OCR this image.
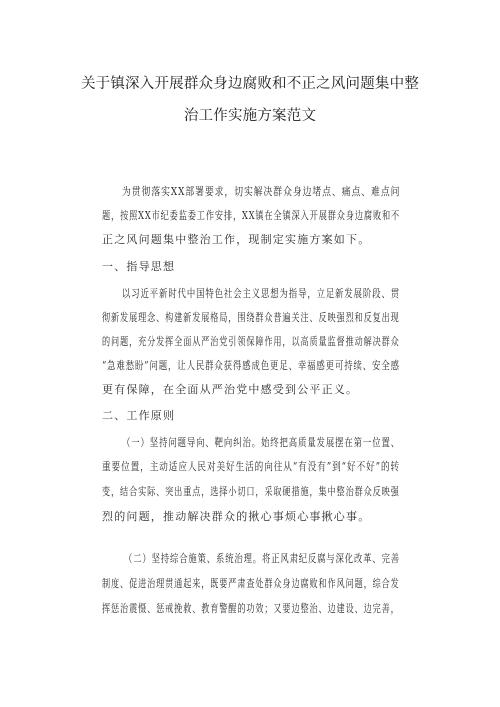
关于镇深入开展群众身边腐败和不正之风问题集中整
治工作实施方案范文
为贯彻落实XX部署要求，切实解决群众身边堵点、痛点、难点问
题，按照XX市纪委监委工作安排，XX镇在全镇深入开展群众身边腐败和不
正之风问题集中整治工作，现制定实施方案如下。
一、指导思想
以习近平新时代中国特色社会主义思想为指导，立足新发展阶段、贯
彻新发展理念、构建新发展格局，围绕群众普遍关注、反映强烈和反复出现
的问题，充分发挥全面从严治党引领保障作用，以高质量监督推动解决群众
“急难愁盼”问题，让人民群众获得感成色更足、幸福感更可持续、安全感
更有保障，在全面从严治党中感受到公平正义。
二、工作原则
（一）坚持问题导向、靶向纠治。始终把高质量发展摆在第一位置、
重要位置，主动适应人民对美好生活的向往从“有没有”到“好不好”的转
变，结合实际、突出重点，选择小切口，采取硬措施，集中整治群众反映强
烈的问题，推动解决群众的揪心事烦心事揪心事。
（二）坚持综合施策、系统治理。将正风肃纪反腐与深化改革、完善
制度、促进治理贯通起来，既要严肃查处群众身边腐败和作风问题，综合发
挥惩治震慑、惩戒挽救、教育警醒的功效；又要边整治、边建设、边完善，
